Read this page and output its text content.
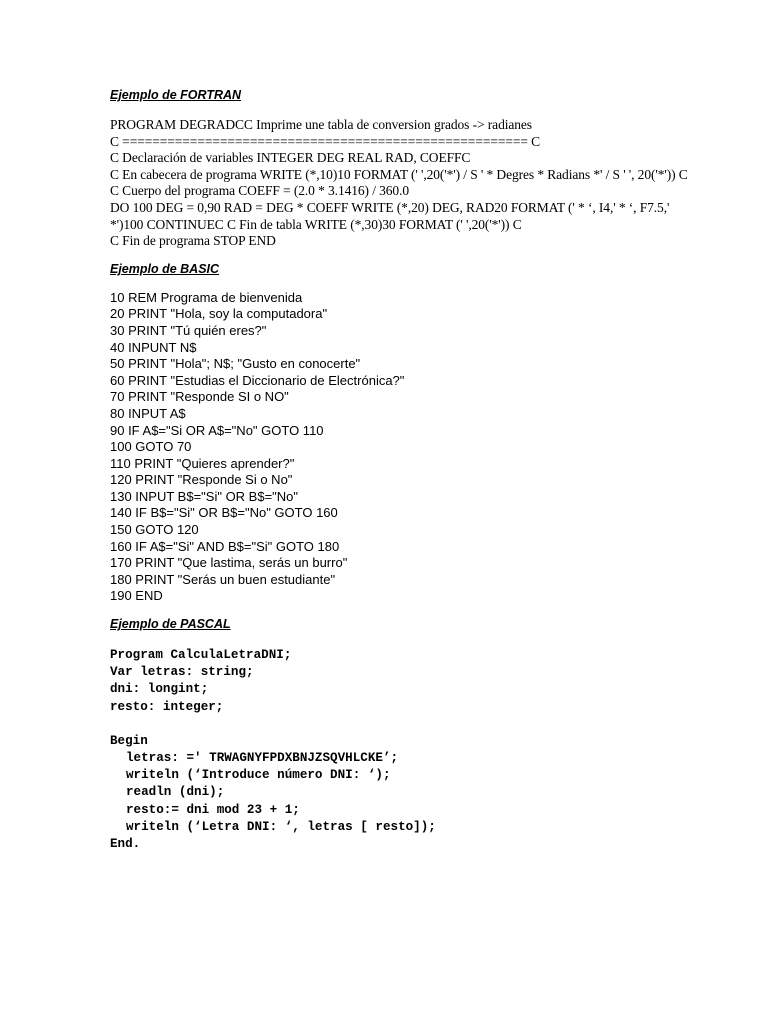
Ejemplo de FORTRAN
PROGRAM DEGRADCC Imprime une tabla de conversion grados -> radianes
C ====================================================== C
C Declaración de variables INTEGER DEG REAL RAD, COEFFC
C En cabecera de programa WRITE (*,10)10 FORMAT (' ',20('*') / S ' * Degres * Radians *' / S ' ', 20('*')) C
C Cuerpo del programa COEFF = (2.0 * 3.1416) / 360.0
DO 100 DEG = 0,90 RAD = DEG * COEFF WRITE (*,20) DEG, RAD20 FORMAT (' * ‘, I4,' * ‘, F7.5,'
*')100 CONTINUEC C Fin de tabla WRITE (*,30)30 FORMAT (' ',20('*')) C
C Fin de programa STOP END
Ejemplo de BASIC
10 REM Programa de bienvenida
20 PRINT "Hola, soy la computadora"
30 PRINT "Tú quién eres?"
40 INPUNT N$
50 PRINT "Hola"; N$; "Gusto en conocerte"
60 PRINT "Estudias el Diccionario de Electrónica?"
70 PRINT "Responde SI o NO"
80 INPUT A$
90 IF A$="Si OR A$="No" GOTO 110
100 GOTO 70
110 PRINT "Quieres aprender?"
120 PRINT "Responde Si o No"
130 INPUT B$="Si" OR B$="No"
140 IF B$="Si" OR B$="No" GOTO 160
150 GOTO 120
160 IF A$="Si" AND B$="Si" GOTO 180
170 PRINT "Que lastima, serás un burro"
180 PRINT "Serás un buen estudiante"
190 END
Ejemplo de PASCAL
Program CalculaLetraDNI;
Var letras: string;
dni: longint;
resto: integer;
Begin
letras: =' TRWAGNYFPDXBNJZSQVHLCKE’;
writeln (‘Introduce número DNI: ‘);
readln (dni);
resto:= dni mod 23 + 1;
writeln (‘Letra DNI: ‘, letras [ resto]);
End.
